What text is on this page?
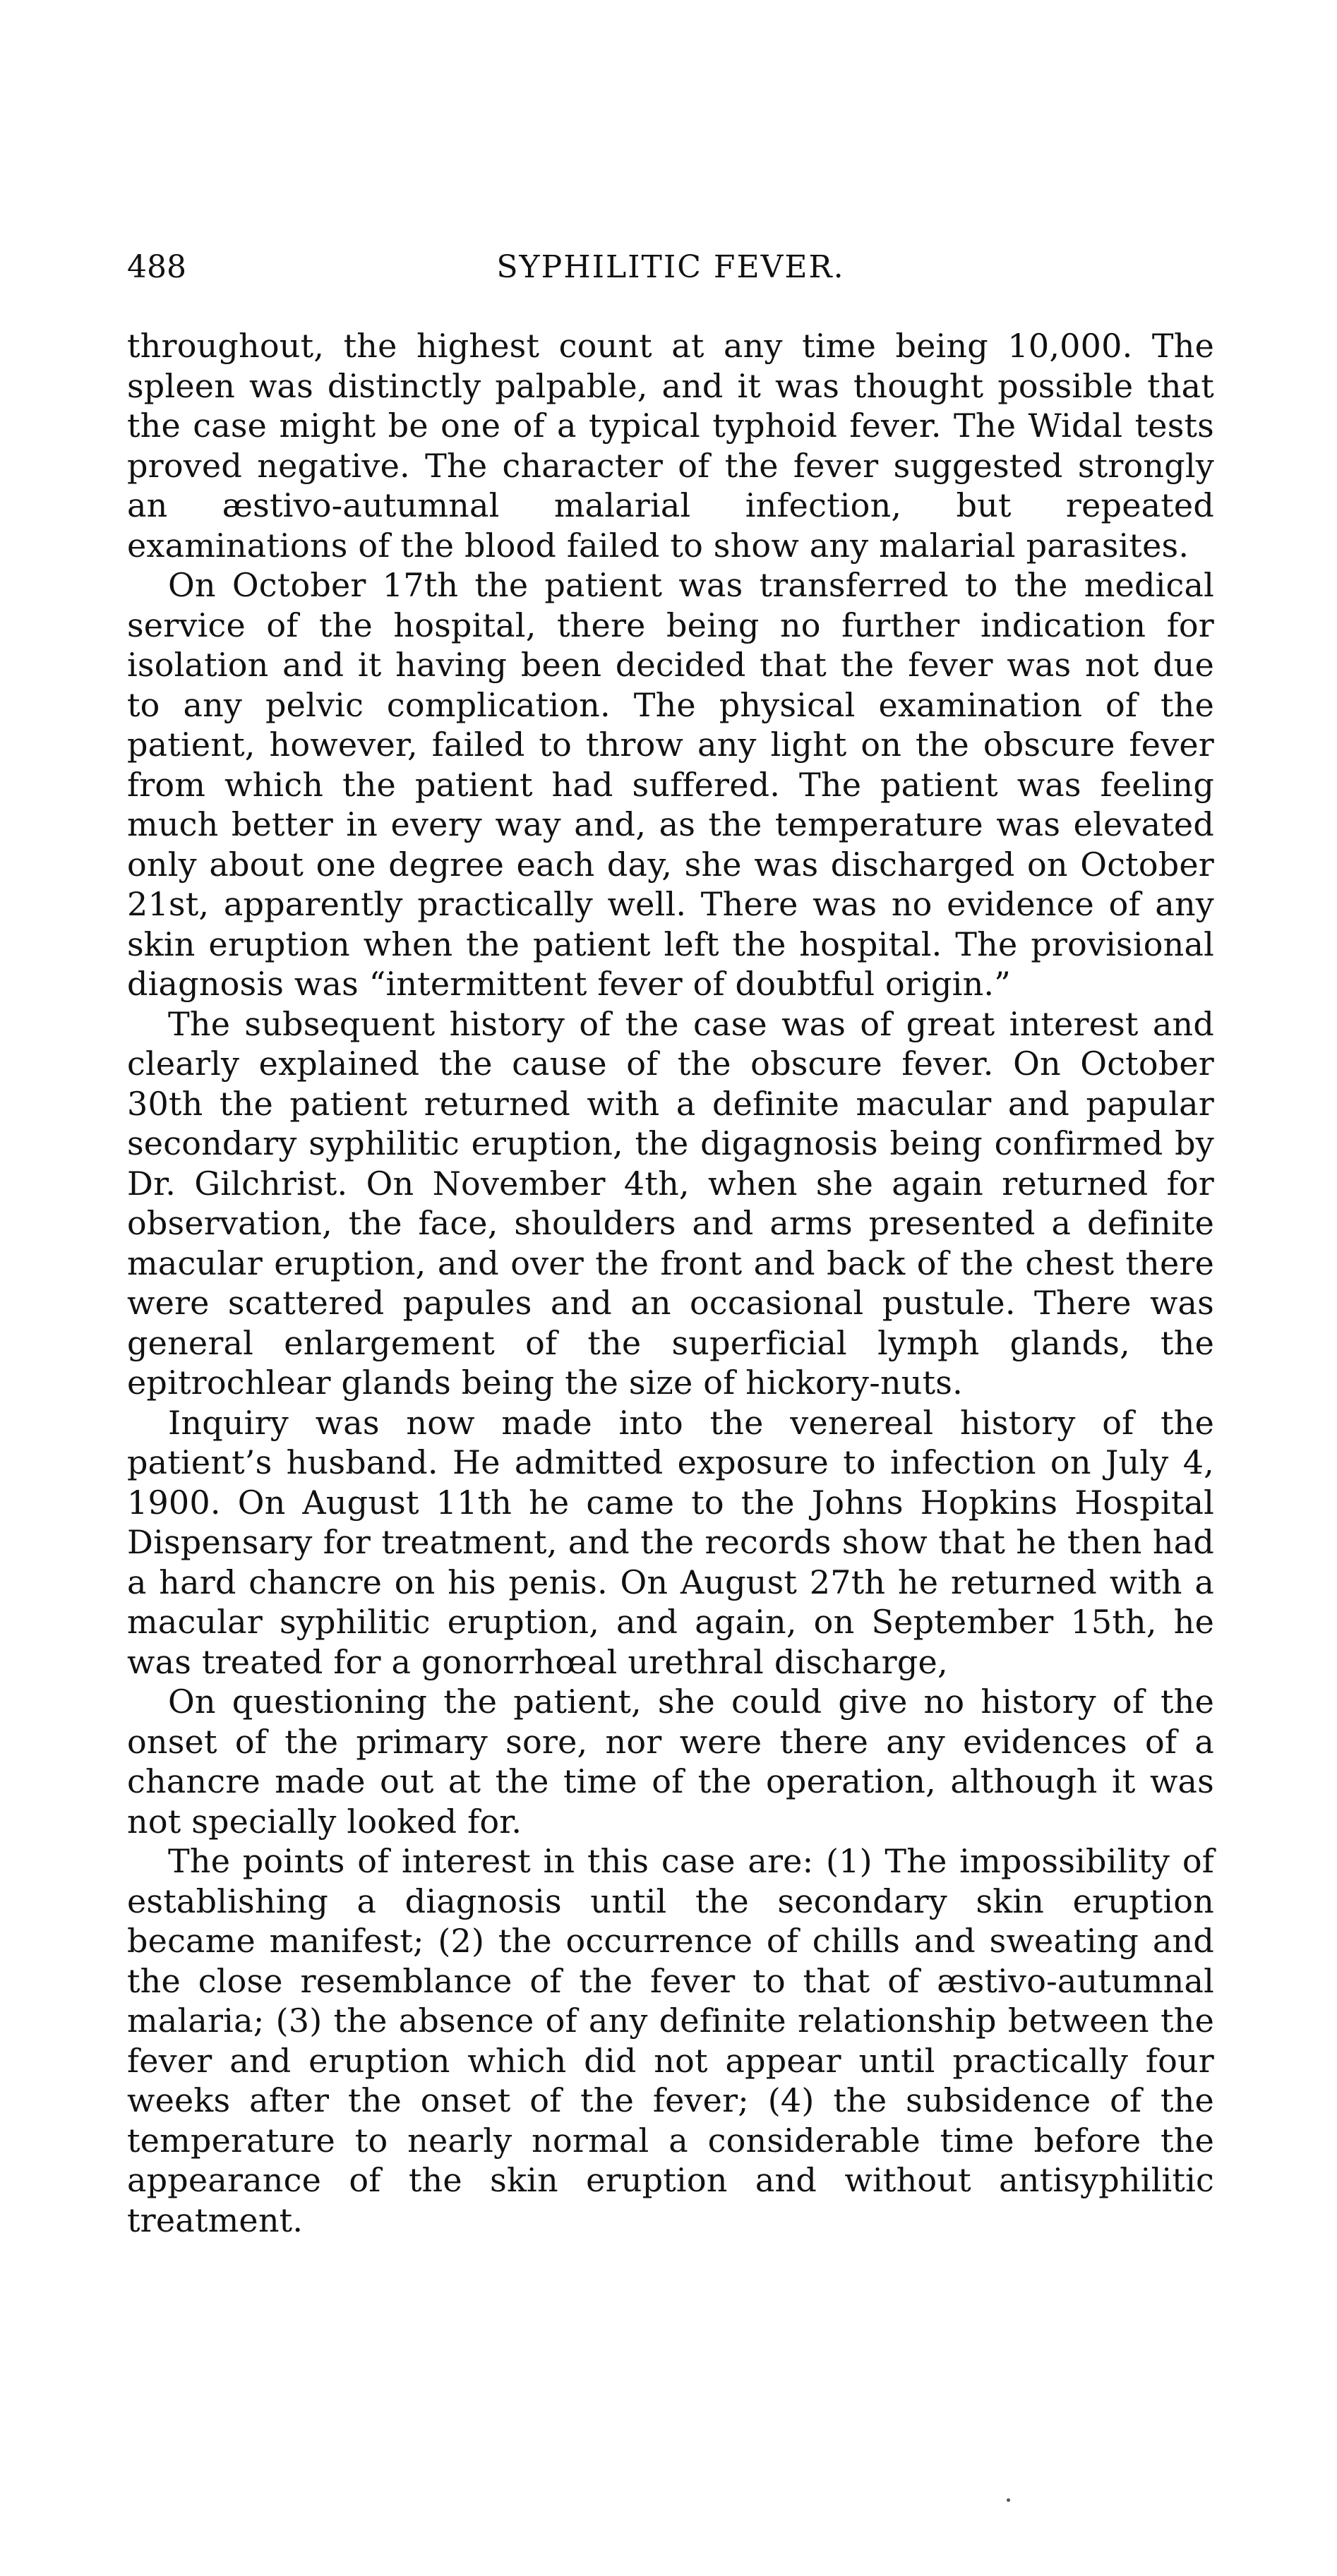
488	SYPHILITIC FEVER.

throughout, the highest count at any time being 10,000. The spleen was distinctly palpable, and it was thought possible that the case might be one of a typical typhoid fever. The Widal tests proved negative. The character of the fever suggested strongly an æstivo-autumnal malarial infection, but repeated examinations of the blood failed to show any malarial parasites.

On October 17th the patient was transferred to the medical service of the hospital, there being no further indication for isolation and it having been decided that the fever was not due to any pelvic complication. The physical examination of the patient, however, failed to throw any light on the obscure fever from which the patient had suffered. The patient was feeling much better in every way and, as the temperature was elevated only about one degree each day, she was discharged on October 21st, apparently practically well. There was no evidence of any skin eruption when the patient left the hospital. The provisional diagnosis was “intermittent fever of doubtful origin.”

The subsequent history of the case was of great interest and clearly explained the cause of the obscure fever. On October 30th the patient returned with a definite macular and papular secondary syphilitic eruption, the digagnosis being confirmed by Dr. Gilchrist. On November 4th, when she again returned for observation, the face, shoulders and arms presented a definite macular eruption, and over the front and back of the chest there were scattered papules and an occasional pustule. There was general enlargement of the superficial lymph glands, the epitrochlear glands being the size of hickory-nuts.

Inquiry was now made into the venereal history of the patient’s husband. He admitted exposure to infection on July 4, 1900. On August 11th he came to the Johns Hopkins Hospital Dispensary for treatment, and the records show that he then had a hard chancre on his penis. On August 27th he returned with a macular syphilitic eruption, and again, on September 15th, he was treated for a gonorrhœal urethral discharge,

On questioning the patient, she could give no history of the onset of the primary sore, nor were there any evidences of a chancre made out at the time of the operation, although it was not specially looked for.

The points of interest in this case are: (1) The impossibility of establishing a diagnosis until the secondary skin eruption became manifest; (2) the occurrence of chills and sweating and the close resemblance of the fever to that of æstivo-autumnal malaria; (3) the absence of any definite relationship between the fever and eruption which did not appear until practically four weeks after the onset of the fever; (4) the subsidence of the temperature to nearly normal a considerable time before the appearance of the skin eruption and without antisyphilitic treatment.
